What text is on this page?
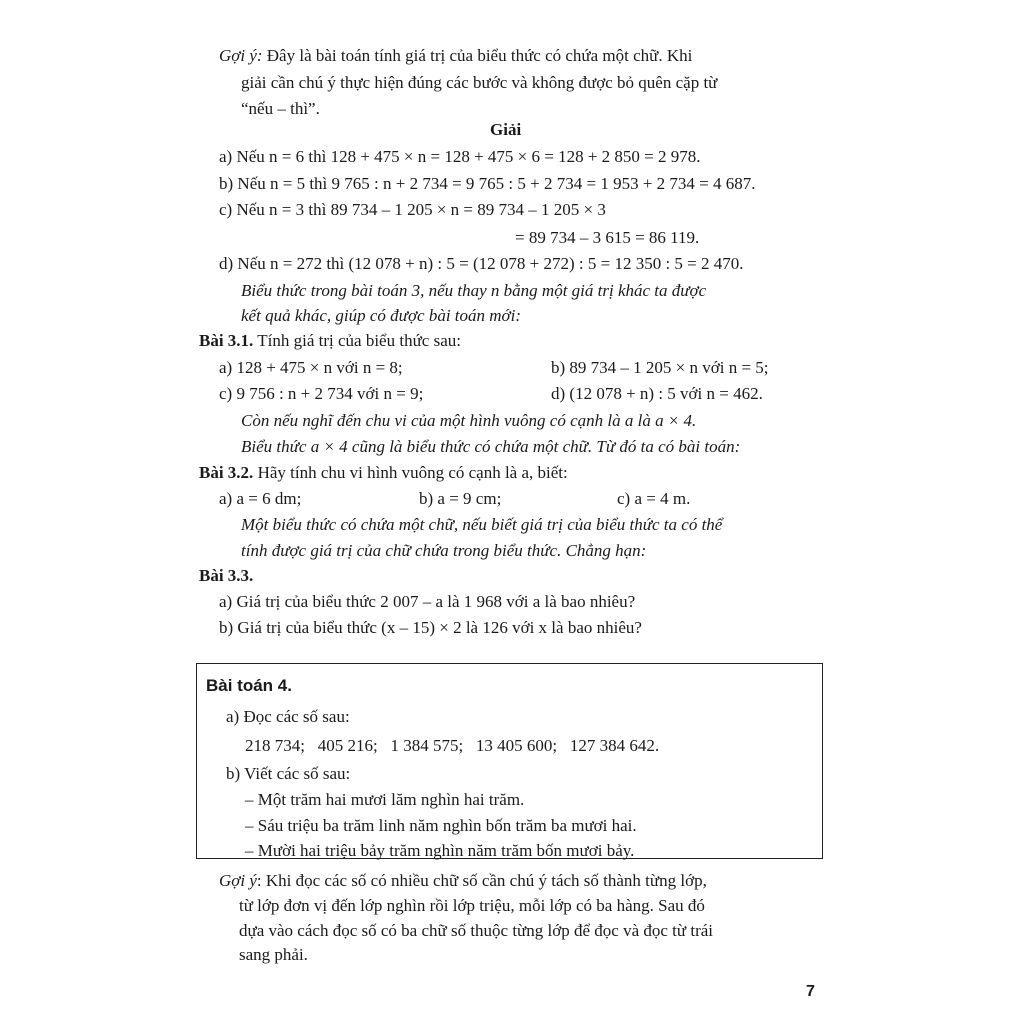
Gợi ý: Đây là bài toán tính giá trị của biểu thức có chứa một chữ. Khi
giải cần chú ý thực hiện đúng các bước và không được bỏ quên cặp từ
“nếu – thì”.
Giải
a) Nếu n = 6 thì 128 + 475 × n = 128 + 475 × 6 = 128 + 2 850 = 2 978.
b) Nếu n = 5 thì 9 765 : n + 2 734 = 9 765 : 5 + 2 734 = 1 953 + 2 734 = 4 687.
c) Nếu n = 3 thì 89 734 – 1 205 × n = 89 734 – 1 205 × 3
= 89 734 – 3 615 = 86 119.
d) Nếu n = 272 thì (12 078 + n) : 5 = (12 078 + 272) : 5 = 12 350 : 5 = 2 470.
Biểu thức trong bài toán 3, nếu thay n bằng một giá trị khác ta được
kết quả khác, giúp có được bài toán mới:
Bài 3.1. Tính giá trị của biểu thức sau:
a) 128 + 475 × n với n = 8;	b) 89 734 – 1 205 × n với n = 5;
c) 9 756 : n + 2 734 với n = 9;	d) (12 078 + n) : 5 với n = 462.
Còn nếu nghĩ đến chu vi của một hình vuông có cạnh là a là a × 4.
Biểu thức a × 4 cũng là biểu thức có chứa một chữ. Từ đó ta có bài toán:
Bài 3.2. Hãy tính chu vi hình vuông có cạnh là a, biết:
a) a = 6 dm;	b) a = 9 cm;	c) a = 4 m.
Một biểu thức có chứa một chữ, nếu biết giá trị của biểu thức ta có thể
tính được giá trị của chữ chứa trong biểu thức. Chẳng hạn:
Bài 3.3.
a) Giá trị của biểu thức 2 007 – a là 1 968 với a là bao nhiêu?
b) Giá trị của biểu thức (x – 15) × 2 là 126 với x là bao nhiêu?
Bài toán 4.
a) Đọc các số sau:
218 734;   405 216;   1 384 575;   13 405 600;   127 384 642.
b) Viết các số sau:
– Một trăm hai mươi lăm nghìn hai trăm.
– Sáu triệu ba trăm linh năm nghìn bốn trăm ba mươi hai.
– Mười hai triệu bảy trăm nghìn năm trăm bốn mươi bảy.
Gợi ý: Khi đọc các số có nhiều chữ số cần chú ý tách số thành từng lớp,
từ lớp đơn vị đến lớp nghìn rồi lớp triệu, mỗi lớp có ba hàng. Sau đó
dựa vào cách đọc số có ba chữ số thuộc từng lớp để đọc và đọc từ trái
sang phải.
7
